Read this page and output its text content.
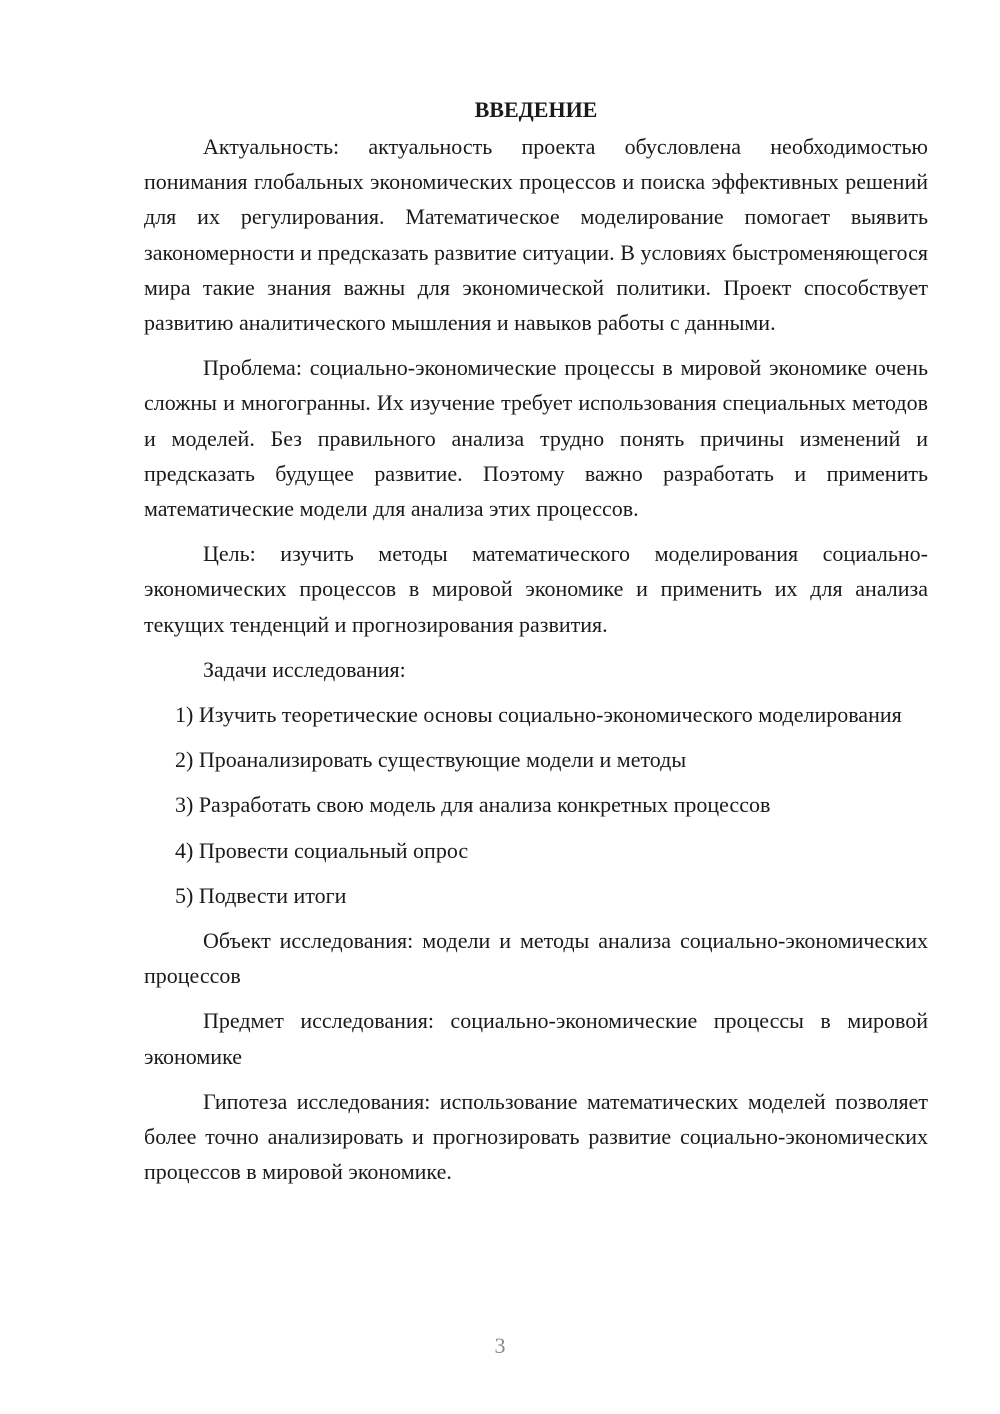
ВВЕДЕНИЕ

Актуальность: актуальность проекта обусловлена необходимостью понимания глобальных экономических процессов и поиска эффективных решений для их регулирования. Математическое моделирование помогает выявить закономерности и предсказать развитие ситуации. В условиях быстроменяющегося мира такие знания важны для экономической политики. Проект способствует развитию аналитического мышления и навыков работы с данными.

Проблема: социально-экономические процессы в мировой экономике очень сложны и многогранны. Их изучение требует использования специальных методов и моделей. Без правильного анализа трудно понять причины изменений и предсказать будущее развитие. Поэтому важно разработать и применить математические модели для анализа этих процессов.

Цель: изучить методы математического моделирования социально-экономических процессов в мировой экономике и применить их для анализа текущих тенденций и прогнозирования развития.

Задачи исследования:

1) Изучить теоретические основы социально-экономического моделирования

2) Проанализировать существующие модели и методы

3) Разработать свою модель для анализа конкретных процессов

4) Провести социальный опрос

5) Подвести итоги

Объект исследования: модели и методы анализа социально-экономических процессов

Предмет исследования: социально-экономические процессы в мировой экономике

Гипотеза исследования: использование математических моделей позволяет более точно анализировать и прогнозировать развитие социально-экономических процессов в мировой экономике.

3
